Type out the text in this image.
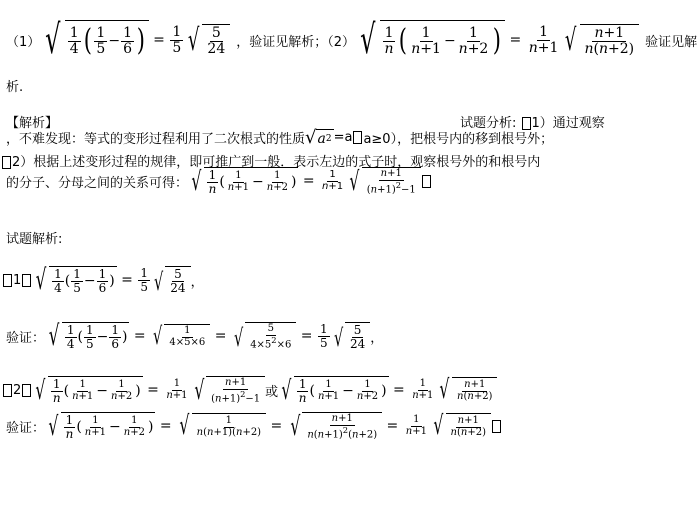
（1） √ $\frac{1}{4}$ ( $\frac{1}{5} - \frac{1}{6}$ ) = $\frac{1}{5}$ √ $\frac{5}{24}$ ，验证见解析；（2） √ $\frac{1}{n}$ ( $\frac{1}{n+1} - \frac{1}{n+2}$ ) = $\frac{1}{n+1}$ √ $\frac{n+1}{n(n+2)}$ 验证见解
析.
【解析】	试题分析: 1）通过观察
，不难发现：等式的变形过程利用了二次根式的性质 √ a 2 =a a≥0），把根号内的移到根号外；
2）根据上述变形过程的规律，即可推广到一般．表示左边的式子时，观察根号外的和根号内
的分子、分母之间的关系可得： √ $\frac{1}{n}$ ( $\frac{1}{n+1} - \frac{1}{n+2}$ ) = $\frac{1}{n+1}$ √ $\frac{n+1}{(n+1)^2-1}$
试题解析:
1 √ $\frac{1}{4}$ ( $\frac{1}{5} - \frac{1}{6}$ ) = $\frac{1}{5}$ √ $\frac{5}{24}$ ，
验证： √ $\frac{1}{4}$ ( $\frac{1}{5} - \frac{1}{6}$ ) = √ $\frac{1}{4\times 5\times 6}$ = √ $\frac{5}{4\times 5^2\times 6} = \frac{1}{5}$ √ $\frac{5}{24}$ ，
2 √ $\frac{1}{n}$ ( $\frac{1}{n+1} - \frac{1}{n+2}$ ) = $\frac{1}{n+1}$ √ $\frac{n+1}{(n+1)^2-1}$ 或 √ $\frac{1}{n}$ ( $\frac{1}{n+1} - \frac{1}{n+2}$ ) = $\frac{1}{n+1}$ √ $\frac{n+1}{n(n+2)}$
验证： √ $\frac{1}{n}$ ( $\frac{1}{n+1} - \frac{1}{n+2}$ ) = √ $\frac{1}{n(n+1)(n+2)}$ = √ $\frac{n+1}{n(n+1)^2(n+2)} = \frac{1}{n+1}$ √ $\frac{n+1}{n(n+2)}$
